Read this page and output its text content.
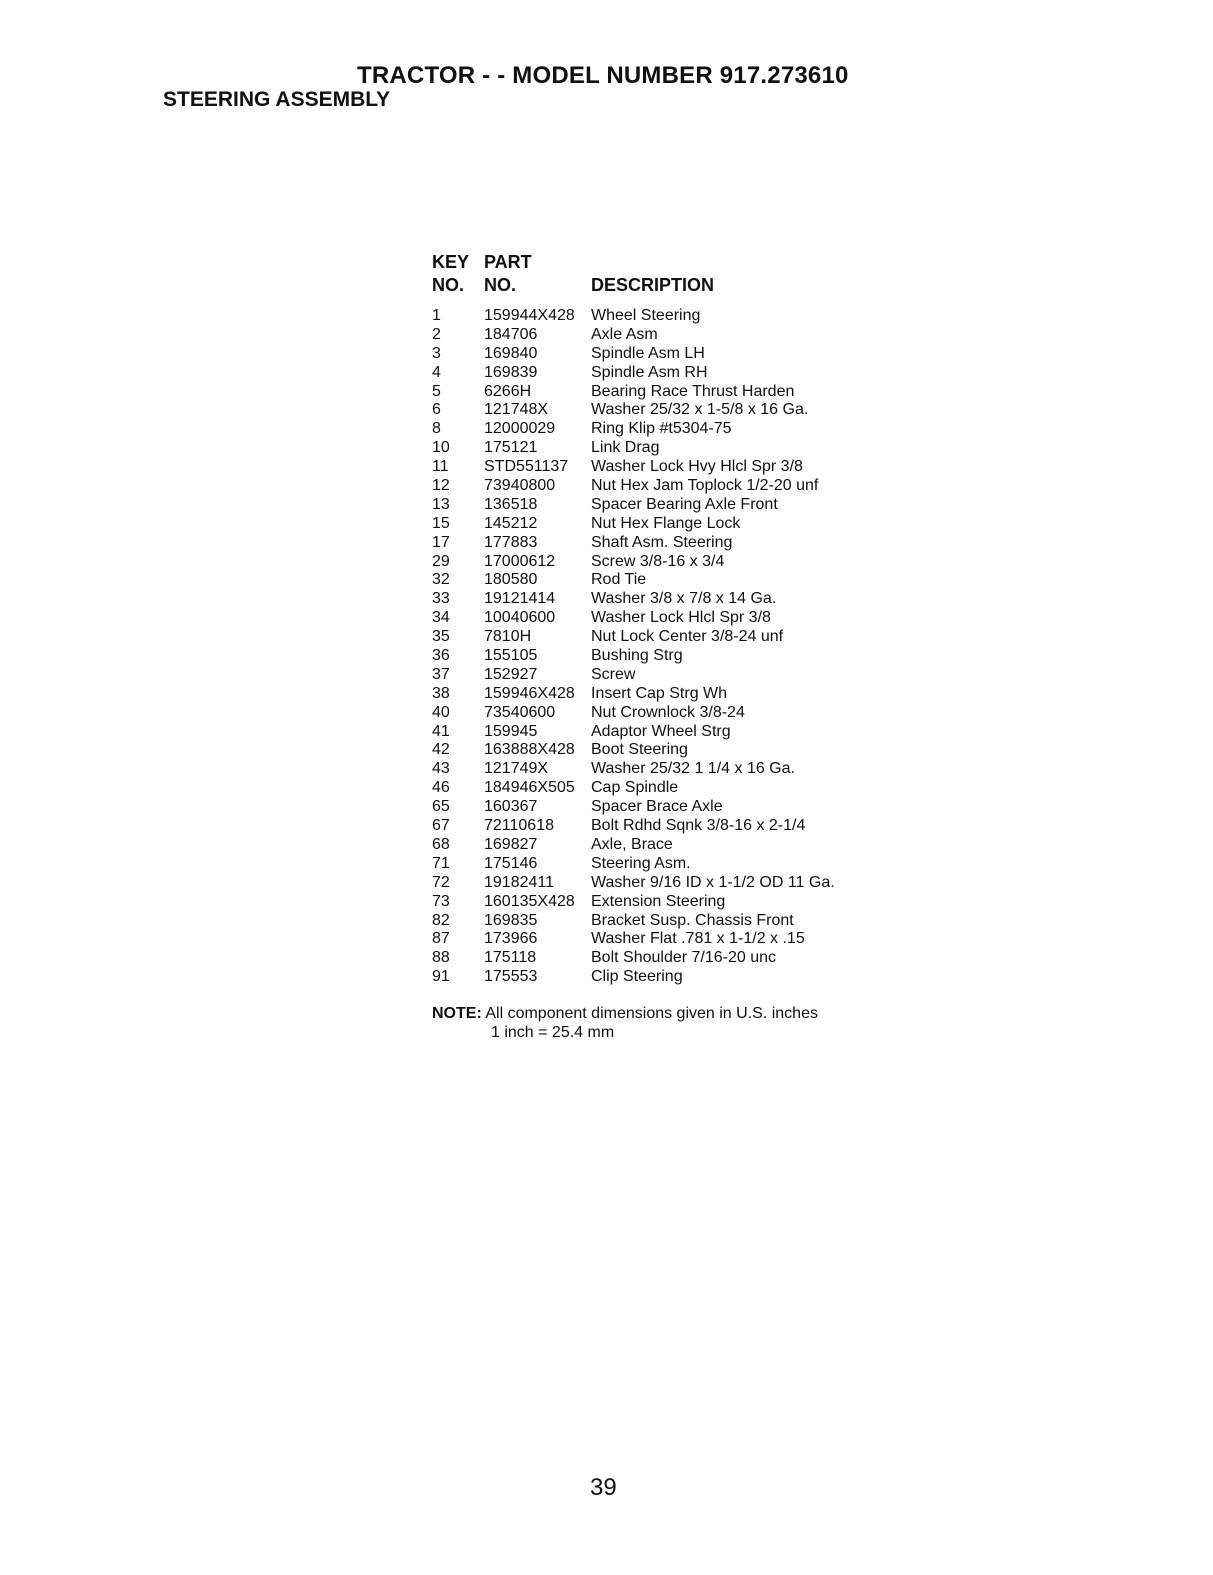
TRACTOR - - MODEL NUMBER 917.273610
STEERING ASSEMBLY
KEY PART
NO. NO.	DESCRIPTION
1	159944X428 Wheel Steering
2	184706	Axle Asm
3	169840	Spindle Asm LH
4	169839	Spindle Asm RH
5	6266H	Bearing Race Thrust Harden
6	121748X	Washer 25/32 x 1-5/8 x 16 Ga.
8	12000029 Ring Klip #t5304-75
10 175121	Link Drag
11 STD551137 Washer Lock Hvy Hlcl Spr 3/8
12 73940800 Nut Hex Jam Toplock 1/2-20 unf
13 136518	Spacer Bearing Axle Front
15 145212	Nut Hex Flange Lock
17 177883	Shaft Asm. Steering
29 17000612 Screw 3/8-16 x 3/4
32 180580	Rod Tie
33 19121414 Washer 3/8 x 7/8 x 14 Ga.
34 10040600 Washer Lock Hlcl Spr 3/8
35 7810H	Nut Lock Center 3/8-24 unf
36 155105	Bushing Strg
37 152927	Screw
38 159946X428 Insert Cap Strg Wh
40 73540600 Nut Crownlock 3/8-24
41 159945	Adaptor Wheel Strg
42 163888X428 Boot Steering
43 121749X	Washer 25/32 1 1/4 x 16 Ga.
46 184946X505 Cap Spindle
65 160367	Spacer Brace Axle
67 72110618 Bolt Rdhd Sqnk 3/8-16 x 2-1/4
68 169827	Axle, Brace
71 175146	Steering Asm.
72 19182411 Washer 9/16 ID x 1-1/2 OD 11 Ga.
73 160135X428 Extension Steering
82 169835	Bracket Susp. Chassis Front
87 173966	Washer Flat .781 x 1-1/2 x .15
88 175118	Bolt Shoulder 7/16-20 unc
91 175553	Clip Steering
NOTE: All component dimensions given in U.S. inches
1 inch = 25.4 mm
39
